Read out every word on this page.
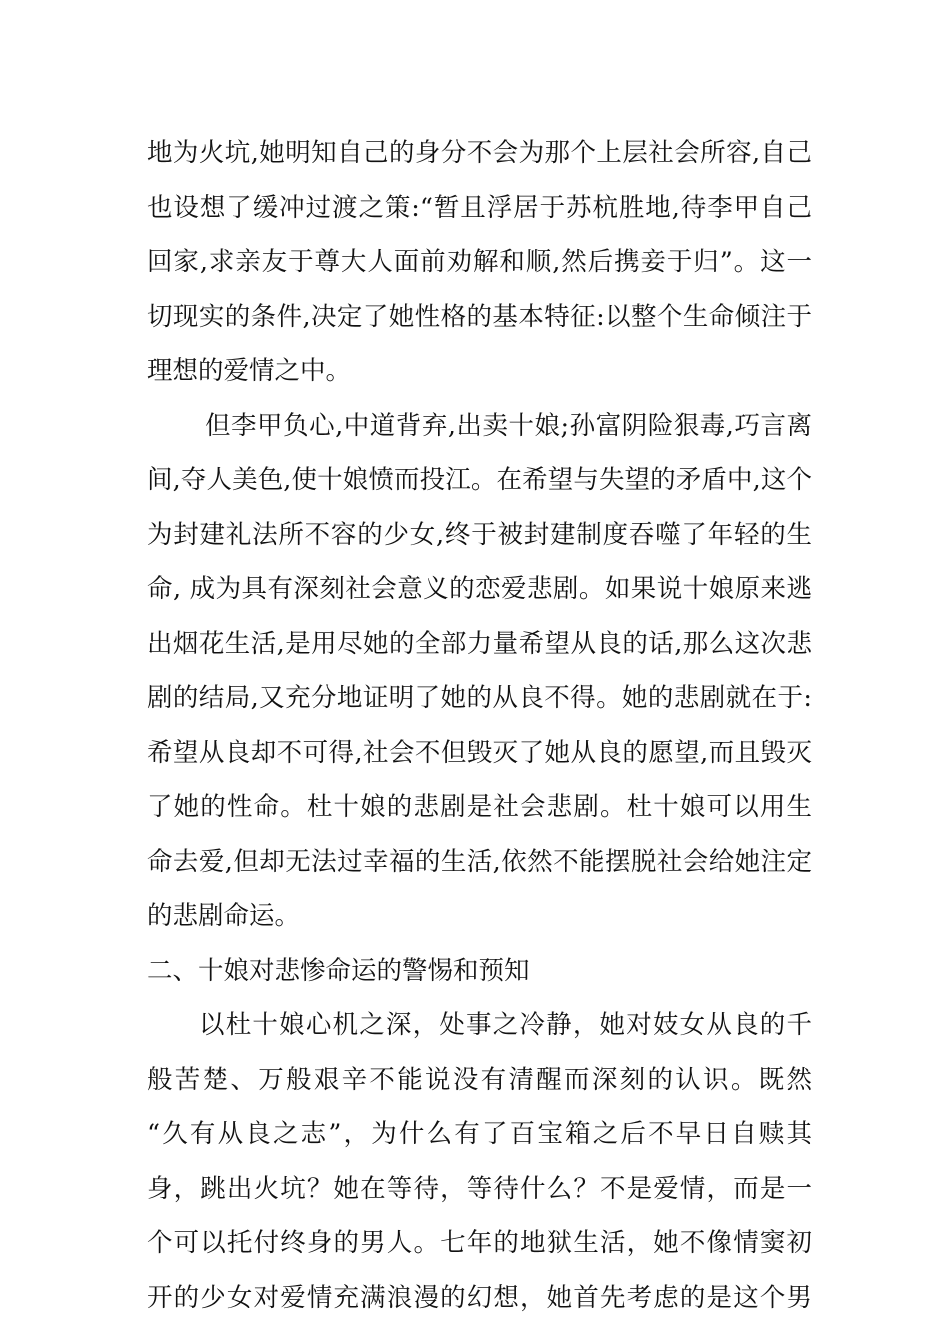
地为火坑,她明知自己的身分不会为那个上层社会所容,自己
也设想了缓冲过渡之策:“暂且浮居于苏杭胜地,待李甲自己
回家,求亲友于尊大人面前劝解和顺,然后携妾于归”。这一
切现实的条件,决定了她性格的基本特征:以整个生命倾注于
理想的爱情之中。
但李甲负心,中道背弃,出卖十娘;孙富阴险狠毒,巧言离
间,夺人美色,使十娘愤而投江。在希望与失望的矛盾中,这个
为封建礼法所不容的少女,终于被封建制度吞噬了年轻的生
命, 成为具有深刻社会意义的恋爱悲剧。如果说十娘原来逃
出烟花生活,是用尽她的全部力量希望从良的话,那么这次悲
剧的结局,又充分地证明了她的从良不得。她的悲剧就在于:
希望从良却不可得,社会不但毁灭了她从良的愿望,而且毁灭
了她的性命。杜十娘的悲剧是社会悲剧。杜十娘可以用生
命去爱,但却无法过幸福的生活,依然不能摆脱社会给她注定
的悲剧命运。
二、十娘对悲惨命运的警惕和预知
以杜十娘心机之深，处事之冷静，她对妓女从良的千
般苦楚、万般艰辛不能说没有清醒而深刻的认识。既然
“久有从良之志”，为什么有了百宝箱之后不早日自赎其
身，跳出火坑？她在等待，等待什么？不是爱情，而是一
个可以托付终身的男人。七年的地狱生活，她不像情窦初
开的少女对爱情充满浪漫的幻想，她首先考虑的是这个男
